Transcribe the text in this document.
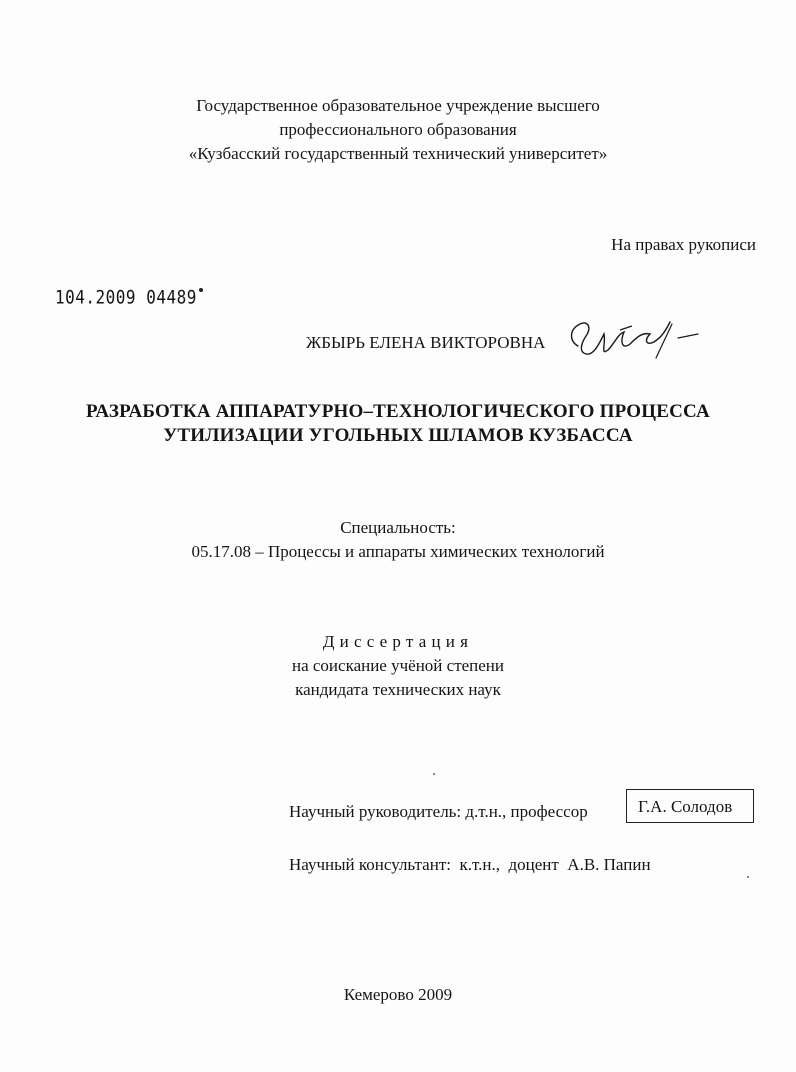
Государственное образовательное учреждение высшего
профессионального образования
«Кузбасский государственный технический университет»
На правах рукописи
104.2009 04489
ЖБЫРЬ ЕЛЕНА ВИКТОРОВНА
РАЗРАБОТКА АППАРАТУРНО–ТЕХНОЛОГИЧЕСКОГО ПРОЦЕССА
УТИЛИЗАЦИИ УГОЛЬНЫХ ШЛАМОВ КУЗБАССА
Специальность:
05.17.08 – Процессы и аппараты химических технологий
Диссертация
на соискание учёной степени
кандидата технических наук
Научный руководитель: д.т.н., профессор	Г.А. Солодов
Научный консультант:  к.т.н.,  доцент  А.В. Папин
Кемерово 2009
